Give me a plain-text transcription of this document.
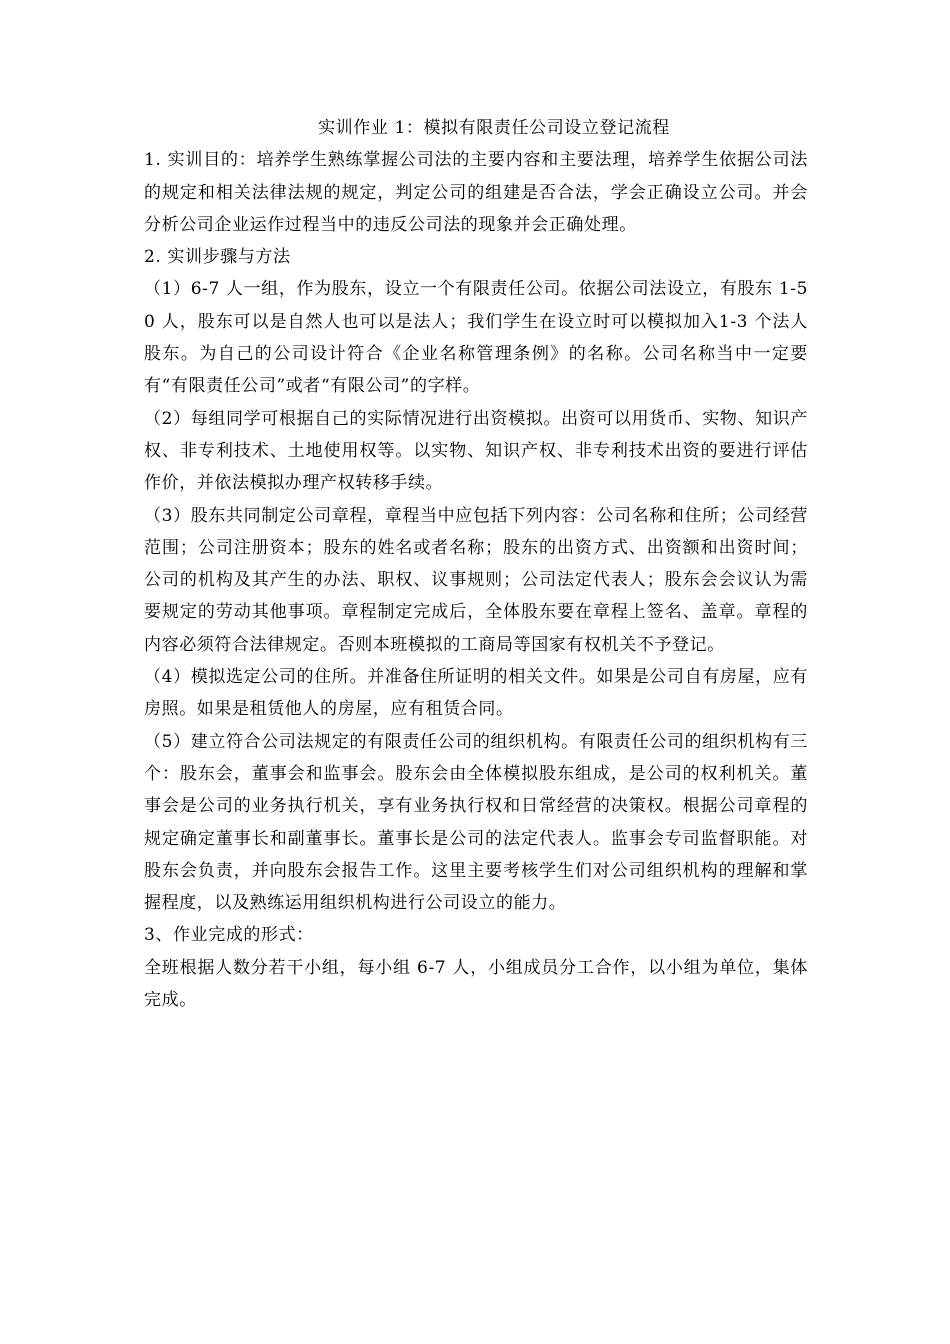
实训作业 1：模拟有限责任公司设立登记流程

1. 实训目的：培养学生熟练掌握公司法的主要内容和主要法理，培养学生依据公司法的规定和相关法律法规的规定，判定公司的组建是否合法，学会正确设立公司。并会分析公司企业运作过程当中的违反公司法的现象并会正确处理。

2. 实训步骤与方法

（1）6-7 人一组，作为股东，设立一个有限责任公司。依据公司法设立，有股东 1-50 人，股东可以是自然人也可以是法人；我们学生在设立时可以模拟加入1-3 个法人股东。为自己的公司设计符合《企业名称管理条例》的名称。公司名称当中一定要有“有限责任公司”或者“有限公司”的字样。

（2）每组同学可根据自己的实际情况进行出资模拟。出资可以用货币、实物、知识产权、非专利技术、土地使用权等。以实物、知识产权、非专利技术出资的要进行评估作价，并依法模拟办理产权转移手续。

（3）股东共同制定公司章程，章程当中应包括下列内容：公司名称和住所；公司经营范围；公司注册资本；股东的姓名或者名称；股东的出资方式、出资额和出资时间；公司的机构及其产生的办法、职权、议事规则；公司法定代表人；股东会会议认为需要规定的劳动其他事项。章程制定完成后，全体股东要在章程上签名、盖章。章程的内容必须符合法律规定。否则本班模拟的工商局等国家有权机关不予登记。

（4）模拟选定公司的住所。并准备住所证明的相关文件。如果是公司自有房屋，应有房照。如果是租赁他人的房屋，应有租赁合同。

（5）建立符合公司法规定的有限责任公司的组织机构。有限责任公司的组织机构有三个：股东会，董事会和监事会。股东会由全体模拟股东组成，是公司的权利机关。董事会是公司的业务执行机关，享有业务执行权和日常经营的决策权。根据公司章程的规定确定董事长和副董事长。董事长是公司的法定代表人。监事会专司监督职能。对股东会负责，并向股东会报告工作。这里主要考核学生们对公司组织机构的理解和掌握程度，以及熟练运用组织机构进行公司设立的能力。

3、作业完成的形式：

全班根据人数分若干小组，每小组 6-7 人，小组成员分工合作，以小组为单位，集体完成。
